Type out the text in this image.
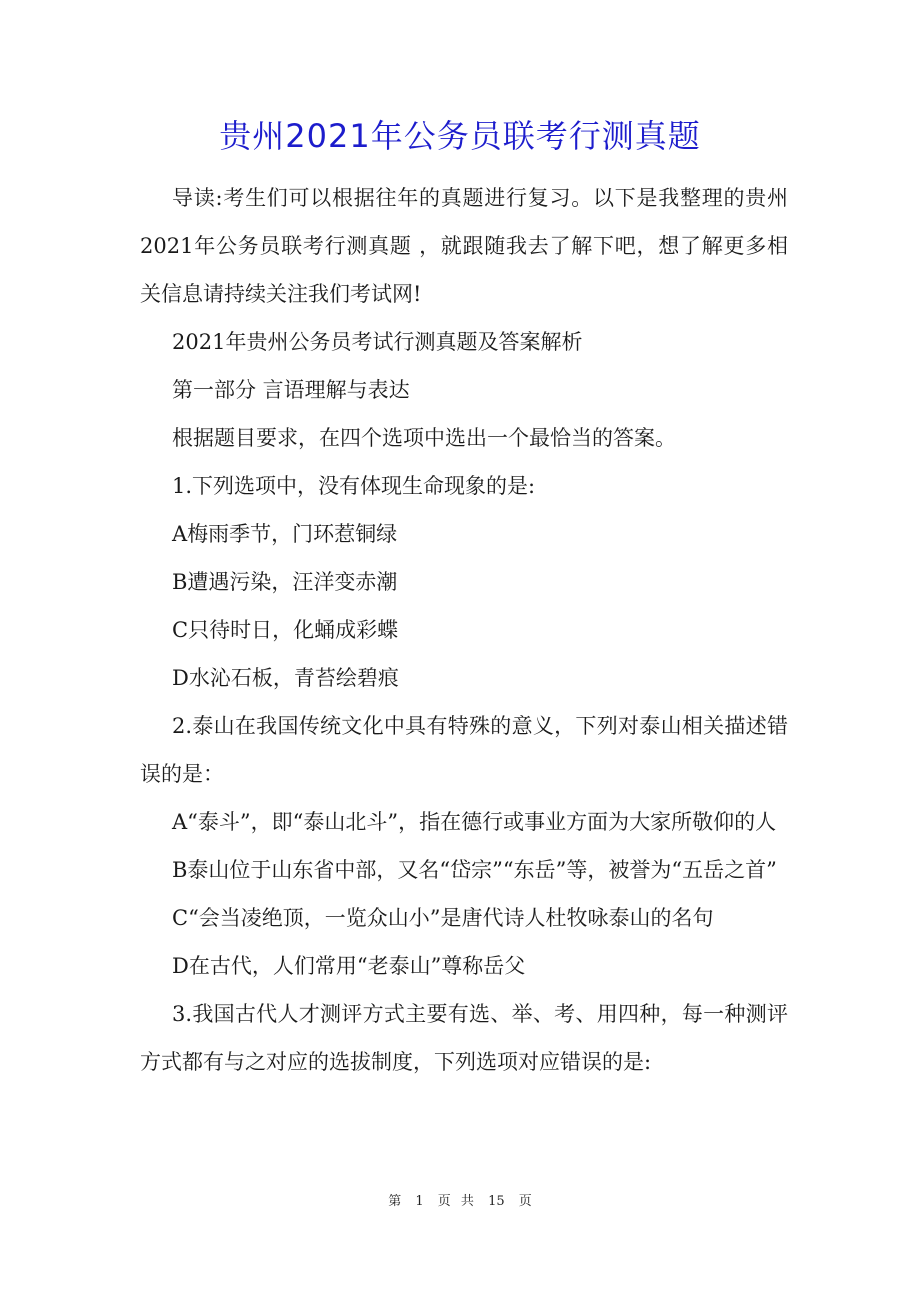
贵州2021年公务员联考行测真题

导读:考生们可以根据往年的真题进行复习。以下是我整理的贵州2021年公务员联考行测真题 ，就跟随我去了解下吧，想了解更多相关信息请持续关注我们考试网!

2021年贵州公务员考试行测真题及答案解析

第一部分 言语理解与表达

根据题目要求，在四个选项中选出一个最恰当的答案。

1.下列选项中，没有体现生命现象的是:

A梅雨季节，门环惹铜绿

B遭遇污染，汪洋变赤潮

C只待时日，化蛹成彩蝶

D水沁石板，青苔绘碧痕

2.泰山在我国传统文化中具有特殊的意义，下列对泰山相关描述错误的是：

A“泰斗”，即“泰山北斗”，指在德行或事业方面为大家所敬仰的人

B泰山位于山东省中部，又名“岱宗”“东岳”等，被誉为“五岳之首”

C“会当凌绝顶，一览众山小”是唐代诗人杜牧咏泰山的名句

D在古代，人们常用“老泰山”尊称岳父

3.我国古代人才测评方式主要有选、举、考、用四种，每一种测评方式都有与之对应的选拔制度，下列选项对应错误的是:

第 1 页 共 15 页
